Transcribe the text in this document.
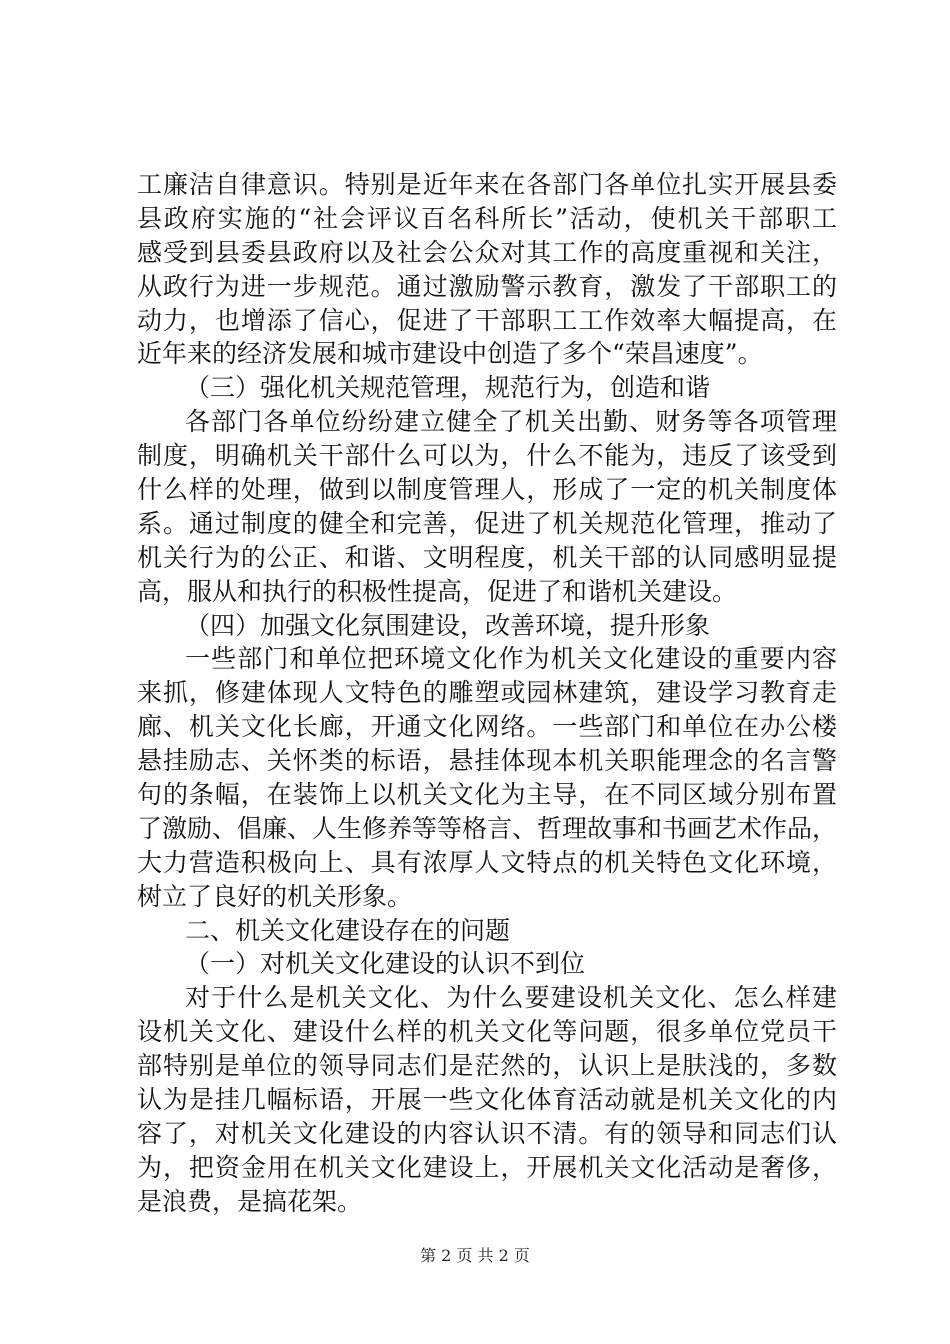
工廉洁自律意识。特别是近年来在各部门各单位扎实开展县委
县政府实施的“社会评议百名科所长”活动，使机关干部职工
感受到县委县政府以及社会公众对其工作的高度重视和关注，
从政行为进一步规范。通过激励警示教育，激发了干部职工的
动力，也增添了信心，促进了干部职工工作效率大幅提高，在
近年来的经济发展和城市建设中创造了多个“荣昌速度”。
（三）强化机关规范管理，规范行为，创造和谐
各部门各单位纷纷建立健全了机关出勤、财务等各项管理
制度，明确机关干部什么可以为，什么不能为，违反了该受到
什么样的处理，做到以制度管理人，形成了一定的机关制度体
系。通过制度的健全和完善，促进了机关规范化管理，推动了
机关行为的公正、和谐、文明程度，机关干部的认同感明显提
高，服从和执行的积极性提高，促进了和谐机关建设。
（四）加强文化氛围建设，改善环境，提升形象
一些部门和单位把环境文化作为机关文化建设的重要内容
来抓，修建体现人文特色的雕塑或园林建筑，建设学习教育走
廊、机关文化长廊，开通文化网络。一些部门和单位在办公楼
悬挂励志、关怀类的标语，悬挂体现本机关职能理念的名言警
句的条幅，在装饰上以机关文化为主导，在不同区域分别布置
了激励、倡廉、人生修养等等格言、哲理故事和书画艺术作品，
大力营造积极向上、具有浓厚人文特点的机关特色文化环境，
树立了良好的机关形象。
二、机关文化建设存在的问题
（一）对机关文化建设的认识不到位
对于什么是机关文化、为什么要建设机关文化、怎么样建
设机关文化、建设什么样的机关文化等问题，很多单位党员干
部特别是单位的领导同志们是茫然的，认识上是肤浅的，多数
认为是挂几幅标语，开展一些文化体育活动就是机关文化的内
容了，对机关文化建设的内容认识不清。有的领导和同志们认
为，把资金用在机关文化建设上，开展机关文化活动是奢侈，
是浪费，是搞花架。
第 2 页 共 2 页
